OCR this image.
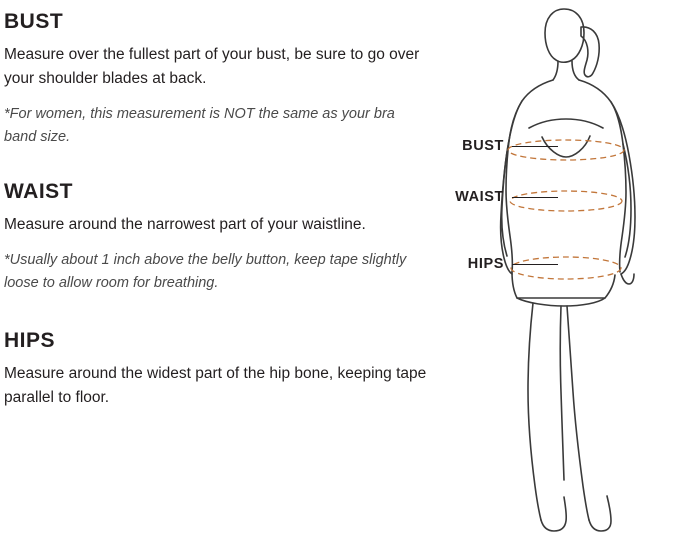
BUST

Measure over the fullest part of your bust, be sure to go over your shoulder blades at back.

*For women, this measurement is NOT the same as your bra band size.

WAIST

Measure around the narrowest part of your waistline.

*Usually about 1 inch above the belly button, keep tape slightly loose to allow room for breathing.

HIPS

Measure around the widest part of the hip bone, keeping tape parallel to floor.

BUST
WAIST
HIPS
